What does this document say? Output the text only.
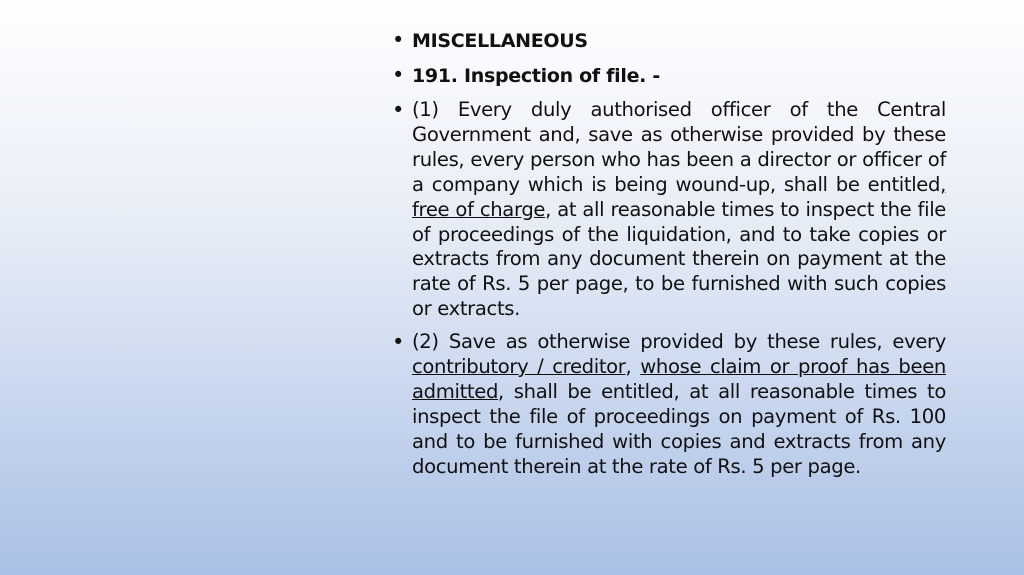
• MISCELLANEOUS
• 191. Inspection of file. -
• (1) Every duly authorised officer of the Central Government and, save as otherwise provided by these rules, every person who has been a director or officer of a company which is being wound-up, shall be entitled, free of charge, at all reasonable times to inspect the file of proceedings of the liquidation, and to take copies or extracts from any document therein on payment at the rate of Rs. 5 per page, to be furnished with such copies or extracts.
• (2) Save as otherwise provided by these rules, every contributory / creditor, whose claim or proof has been admitted, shall be entitled, at all reasonable times to inspect the file of proceedings on payment of Rs. 100 and to be furnished with copies and extracts from any document therein at the rate of Rs. 5 per page.
